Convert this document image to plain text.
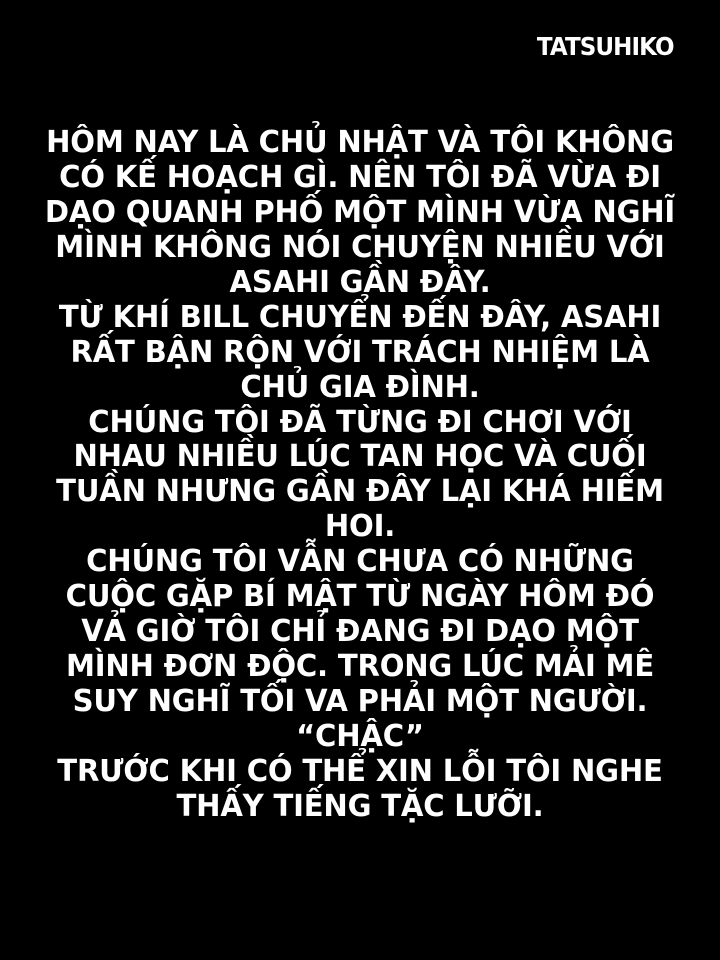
TATSUHIKO
HÔM NAY LÀ CHỦ NHẬT VÀ TÔI KHÔNG
CÓ KẾ HOẠCH GÌ. NÊN TÔI ĐÃ VỪA ĐI
DẠO QUANH PHỐ MỘT MÌNH VỪA NGHĨ
MÌNH KHÔNG NÓI CHUYỆN NHIỀU VỚI
ASAHI GẦN ĐÂY.
TỪ KHÍ BILL CHUYỂN ĐẾN ĐÂY, ASAHI
RẤT BẬN RỘN VỚI TRÁCH NHIỆM LÀ
CHỦ GIA ĐÌNH.
CHÚNG TÔI ĐÃ TỪNG ĐI CHƠI VỚI
NHAU NHIỀU LÚC TAN HỌC VÀ CUỐI
TUẦN NHƯNG GẦN ĐÂY LẠI KHÁ HIẾM
HOI.
CHÚNG TÔI VẪN CHƯA CÓ NHỮNG
CUỘC GẶP BÍ MẬT TỪ NGÀY HÔM ĐÓ
VẢ GIỜ TÔI CHỈ ĐANG ĐI DẠO MỘT
MÌNH ĐƠN ĐỘC. TRONG LÚC MẢI MÊ
SUY NGHĨ TỐI VA PHẢI MỘT NGƯỜI.
“CHẬC”
TRƯỚC KHI CÓ THỂ XIN LỖI TÔI NGHE
THẤY TIẾNG TẶC LƯỠI.
